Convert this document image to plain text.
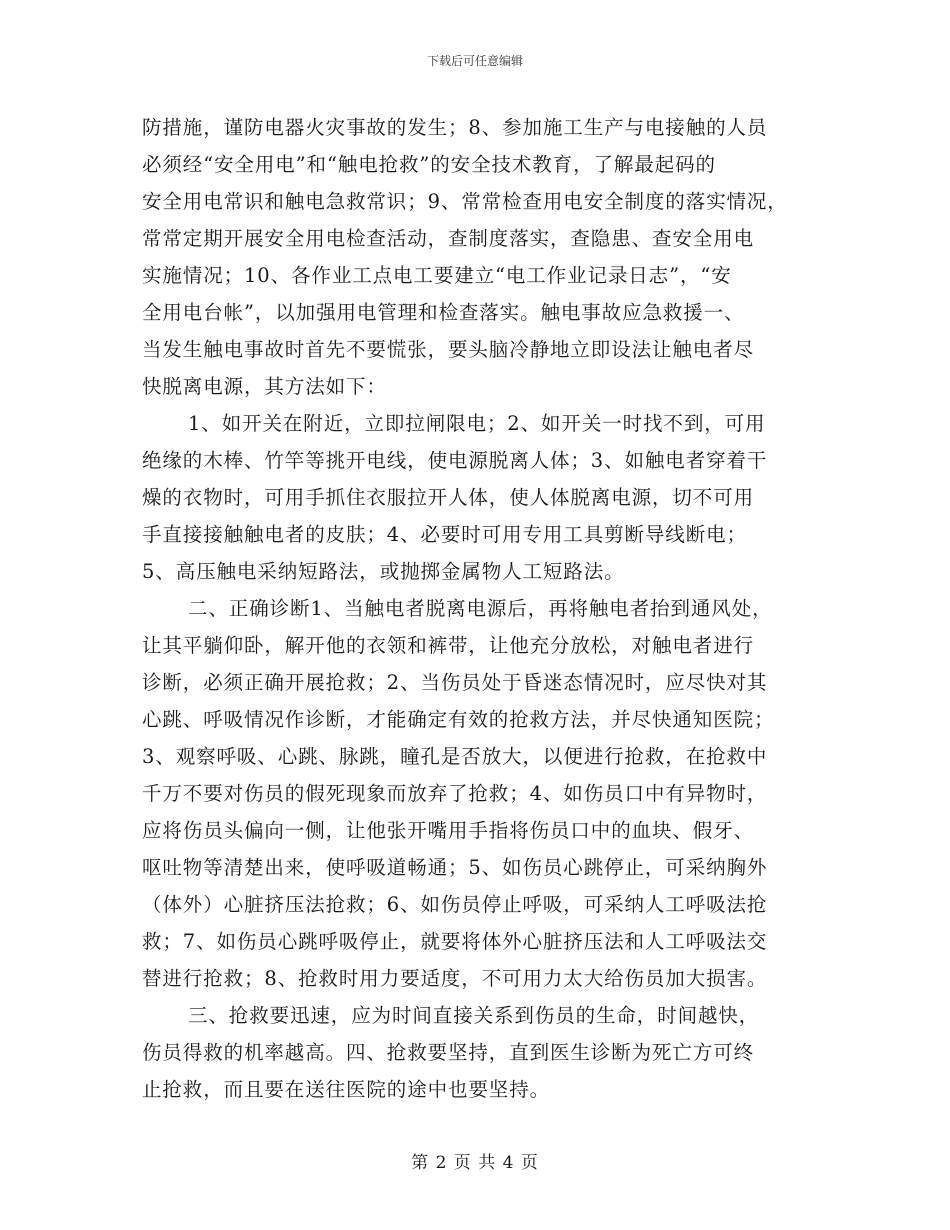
下载后可任意编辑
防措施，谨防电器火灾事故的发生；8、参加施工生产与电接触的人员
必须经“安全用电”和“触电抢救”的安全技术教育，了解最起码的
安全用电常识和触电急救常识；9、常常检查用电安全制度的落实情况，
常常定期开展安全用电检查活动，查制度落实，查隐患、查安全用电
实施情况；10、各作业工点电工要建立“电工作业记录日志”，“安
全用电台帐”，以加强用电管理和检查落实。触电事故应急救援一、
当发生触电事故时首先不要慌张，要头脑冷静地立即设法让触电者尽
快脱离电源，其方法如下：
1、如开关在附近，立即拉闸限电；2、如开关一时找不到，可用
绝缘的木棒、竹竿等挑开电线，使电源脱离人体；3、如触电者穿着干
燥的衣物时，可用手抓住衣服拉开人体，使人体脱离电源，切不可用
手直接接触触电者的皮肤；4、必要时可用专用工具剪断导线断电；
5、高压触电采纳短路法，或抛掷金属物人工短路法。
二、正确诊断1、当触电者脱离电源后，再将触电者抬到通风处，
让其平躺仰卧，解开他的衣领和裤带，让他充分放松，对触电者进行
诊断，必须正确开展抢救；2、当伤员处于昏迷态情况时，应尽快对其
心跳、呼吸情况作诊断，才能确定有效的抢救方法，并尽快通知医院；
3、观察呼吸、心跳、脉跳，瞳孔是否放大，以便进行抢救，在抢救中
千万不要对伤员的假死现象而放弃了抢救；4、如伤员口中有异物时，
应将伤员头偏向一侧，让他张开嘴用手指将伤员口中的血块、假牙、
呕吐物等清楚出来，使呼吸道畅通；5、如伤员心跳停止，可采纳胸外
（体外）心脏挤压法抢救；6、如伤员停止呼吸，可采纳人工呼吸法抢
救；7、如伤员心跳呼吸停止，就要将体外心脏挤压法和人工呼吸法交
替进行抢救；8、抢救时用力要适度，不可用力太大给伤员加大损害。
三、抢救要迅速，应为时间直接关系到伤员的生命，时间越快，
伤员得救的机率越高。四、抢救要坚持，直到医生诊断为死亡方可终
止抢救，而且要在送往医院的途中也要坚持。
第 2 页 共 4 页
